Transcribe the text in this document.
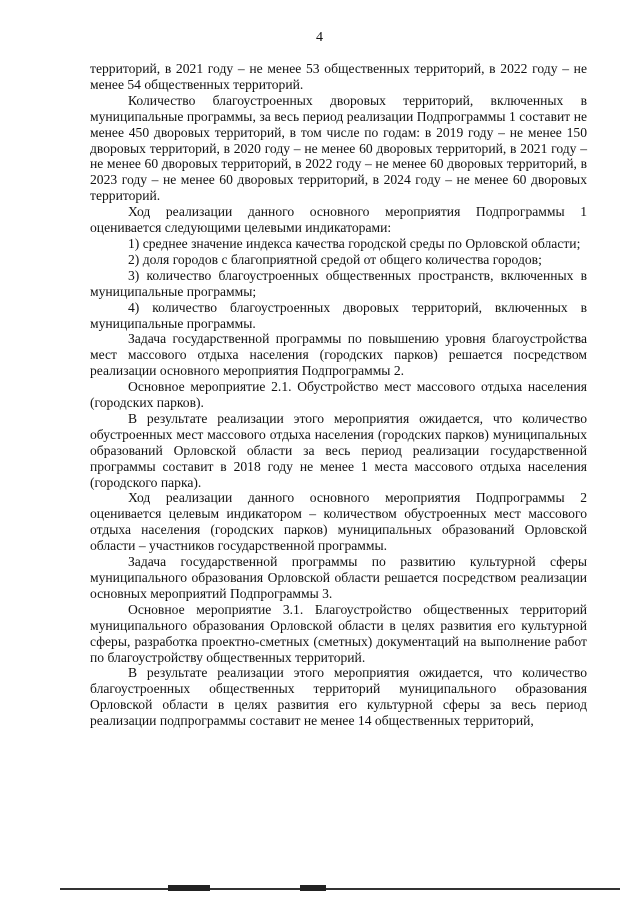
4

территорий, в 2021 году – не менее 53 общественных территорий, в 2022 году – не менее 54 общественных территорий.

Количество благоустроенных дворовых территорий, включенных в муниципальные программы, за весь период реализации Подпрограммы 1 составит не менее 450 дворовых территорий, в том числе по годам: в 2019 году – не менее 150 дворовых территорий, в 2020 году – не менее 60 дворовых территорий, в 2021 году – не менее 60 дворовых территорий, в 2022 году – не менее 60 дворовых территорий, в 2023 году – не менее 60 дворовых территорий, в 2024 году – не менее 60 дворовых территорий.

Ход реализации данного основного мероприятия Подпрограммы 1 оценивается следующими целевыми индикаторами:

1) среднее значение индекса качества городской среды по Орловской области;

2) доля городов с благоприятной средой от общего количества городов;

3) количество благоустроенных общественных пространств, включенных в муниципальные программы;

4) количество благоустроенных дворовых территорий, включенных в муниципальные программы.

Задача государственной программы по повышению уровня благоустройства мест массового отдыха населения (городских парков) решается посредством реализации основного мероприятия Подпрограммы 2.

Основное мероприятие 2.1. Обустройство мест массового отдыха населения (городских парков).

В результате реализации этого мероприятия ожидается, что количество обустроенных мест массового отдыха населения (городских парков) муниципальных образований Орловской области за весь период реализации государственной программы составит в 2018 году не менее 1 места массового отдыха населения (городского парка).

Ход реализации данного основного мероприятия Подпрограммы 2 оценивается целевым индикатором – количеством обустроенных мест массового отдыха населения (городских парков) муниципальных образований Орловской области – участников государственной программы.

Задача государственной программы по развитию культурной сферы муниципального образования Орловской области решается посредством реализации основных мероприятий Подпрограммы 3.

Основное мероприятие 3.1. Благоустройство общественных территорий муниципального образования Орловской области в целях развития его культурной сферы, разработка проектно-сметных (сметных) документаций на выполнение работ по благоустройству общественных территорий.

В результате реализации этого мероприятия ожидается, что количество благоустроенных общественных территорий муниципального образования Орловской области в целях развития его культурной сферы за весь период реализации подпрограммы составит не менее 14 общественных территорий,
